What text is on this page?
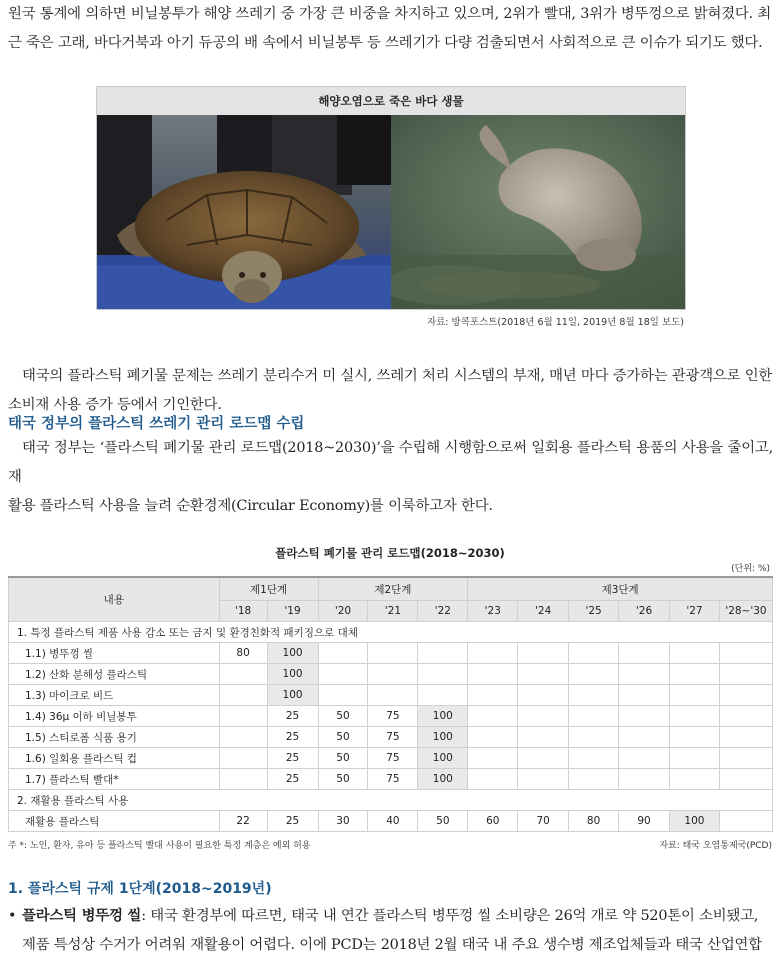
원국 통계에 의하면 비닐봉투가 해양 쓰레기 중 가장 큰 비중을 차지하고 있으며, 2위가 빨대, 3위가 병뚜껑으로 밝혀졌다. 최
근 죽은 고래, 바다거북과 아기 듀공의 배 속에서 비닐봉투 등 쓰레기가 다량 검출되면서 사회적으로 큰 이슈가 되기도 했다.
해양오염으로 죽은 바다 생물
자료: 방콕포스트(2018년 6월 11일, 2019년 8월 18일 보도)
태국의 플라스틱 폐기물 문제는 쓰레기 분리수거 미 실시, 쓰레기 처리 시스템의 부재, 매년 마다 증가하는 관광객으로 인한
소비재 사용 증가 등에서 기인한다.
태국 정부의 플라스틱 쓰레기 관리 로드맵 수립
태국 정부는 ‘플라스틱 폐기물 관리 로드맵(2018~2030)’을 수립해 시행함으로써 일회용 플라스틱 용품의 사용을 줄이고, 재
활용 플라스틱 사용을 늘려 순환경제(Circular Economy)를 이룩하고자 한다.
플라스틱 폐기물 관리 로드맵(2018~2030)
(단위: %)
내용	제1단계		제2단계			제3단계					
	'18	'19	'20	'21	'22	'23	'24	'25	'26	'27	'28~'30
1. 특정 플라스틱 제품 사용 감소 또는 금지 및 환경친화적 패키징으로 대체											
1.1) 병뚜껑 씰	80	100									
1.2) 산화 분해성 플라스틱		100									
1.3) 마이크로 비드		100									
1.4) 36μ 이하 비닐봉투		25	50	75	100						
1.5) 스티로폼 식품 용기		25	50	75	100						
1.6) 일회용 플라스틱 컵		25	50	75	100						
1.7) 플라스틱 빨대*		25	50	75	100						
2. 재활용 플라스틱 사용											
재활용 플라스틱	22	25	30	40	50	60	70	80	90	100	
주 *: 노인, 환자, 유아 등 플라스틱 빨대 사용이 필요한 특정 계층은 예외 허용	자료: 태국 오염통제국(PCD)
1. 플라스틱 규제 1단계(2018~2019년)
• 플라스틱 병뚜껑 씰: 태국 환경부에 따르면, 태국 내 연간 플라스틱 병뚜껑 씰 소비량은 26억 개로 약 520톤이 소비됐고,
제품 특성상 수거가 어려워 재활용이 어렵다. 이에 PCD는 2018년 2월 태국 내 주요 생수병 제조업체들과 태국 산업연합
